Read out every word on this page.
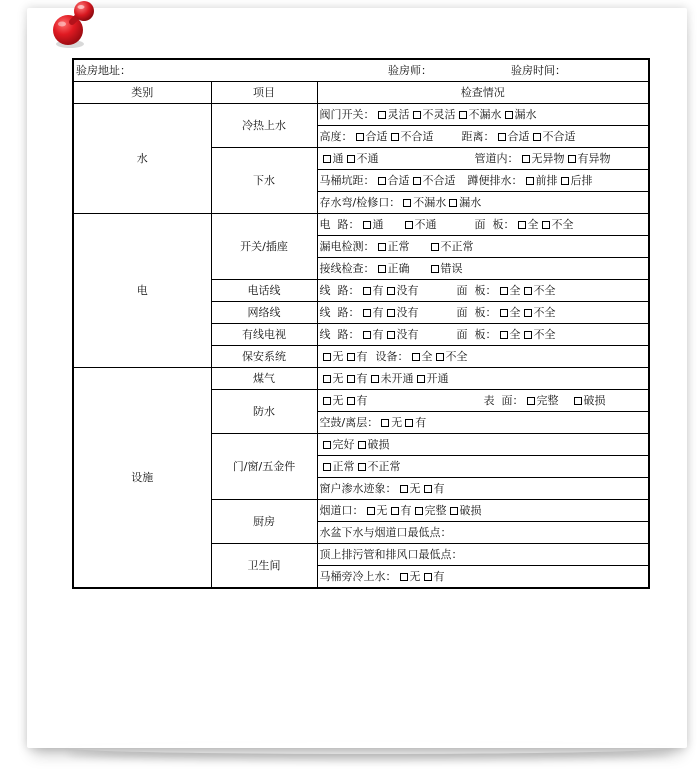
验房地址： 验房师： 验房时间：		
类别	项目	检查情况
水	冷热上水	阀门开关： 灵活 不灵活 不漏水 漏水
		高度： 合适 不合适 距离： 合适 不合适
	下水	通 不通 管道内： 无异物 有异物
		马桶坑距： 合适 不合适 蹲便排水： 前排 后排
		存水弯/检修口： 不漏水 漏水
电	开关/插座	电  路： 通 不通 面  板： 全 不全
		漏电检测： 正常 不正常
		接线检查： 正确 错误
	电话线	线  路： 有 没有 面  板： 全 不全
	网络线	线  路： 有 没有 面  板： 全 不全
	有线电视	线  路： 有 没有 面  板： 全 不全
	保安系统	无 有 设备： 全 不全
设施	煤气	无 有 未开通 开通
	防水	无 有 表  面： 完整 破损
		空鼓/离层： 无 有
	门/窗/五金件	完好 破损
		正常 不正常
		窗户渗水迹象： 无 有
	厨房	烟道口： 无 有 完整 破损
		水盆下水与烟道口最低点：
	卫生间	顶上排污管和排风口最低点：
		马桶旁冷上水： 无 有
